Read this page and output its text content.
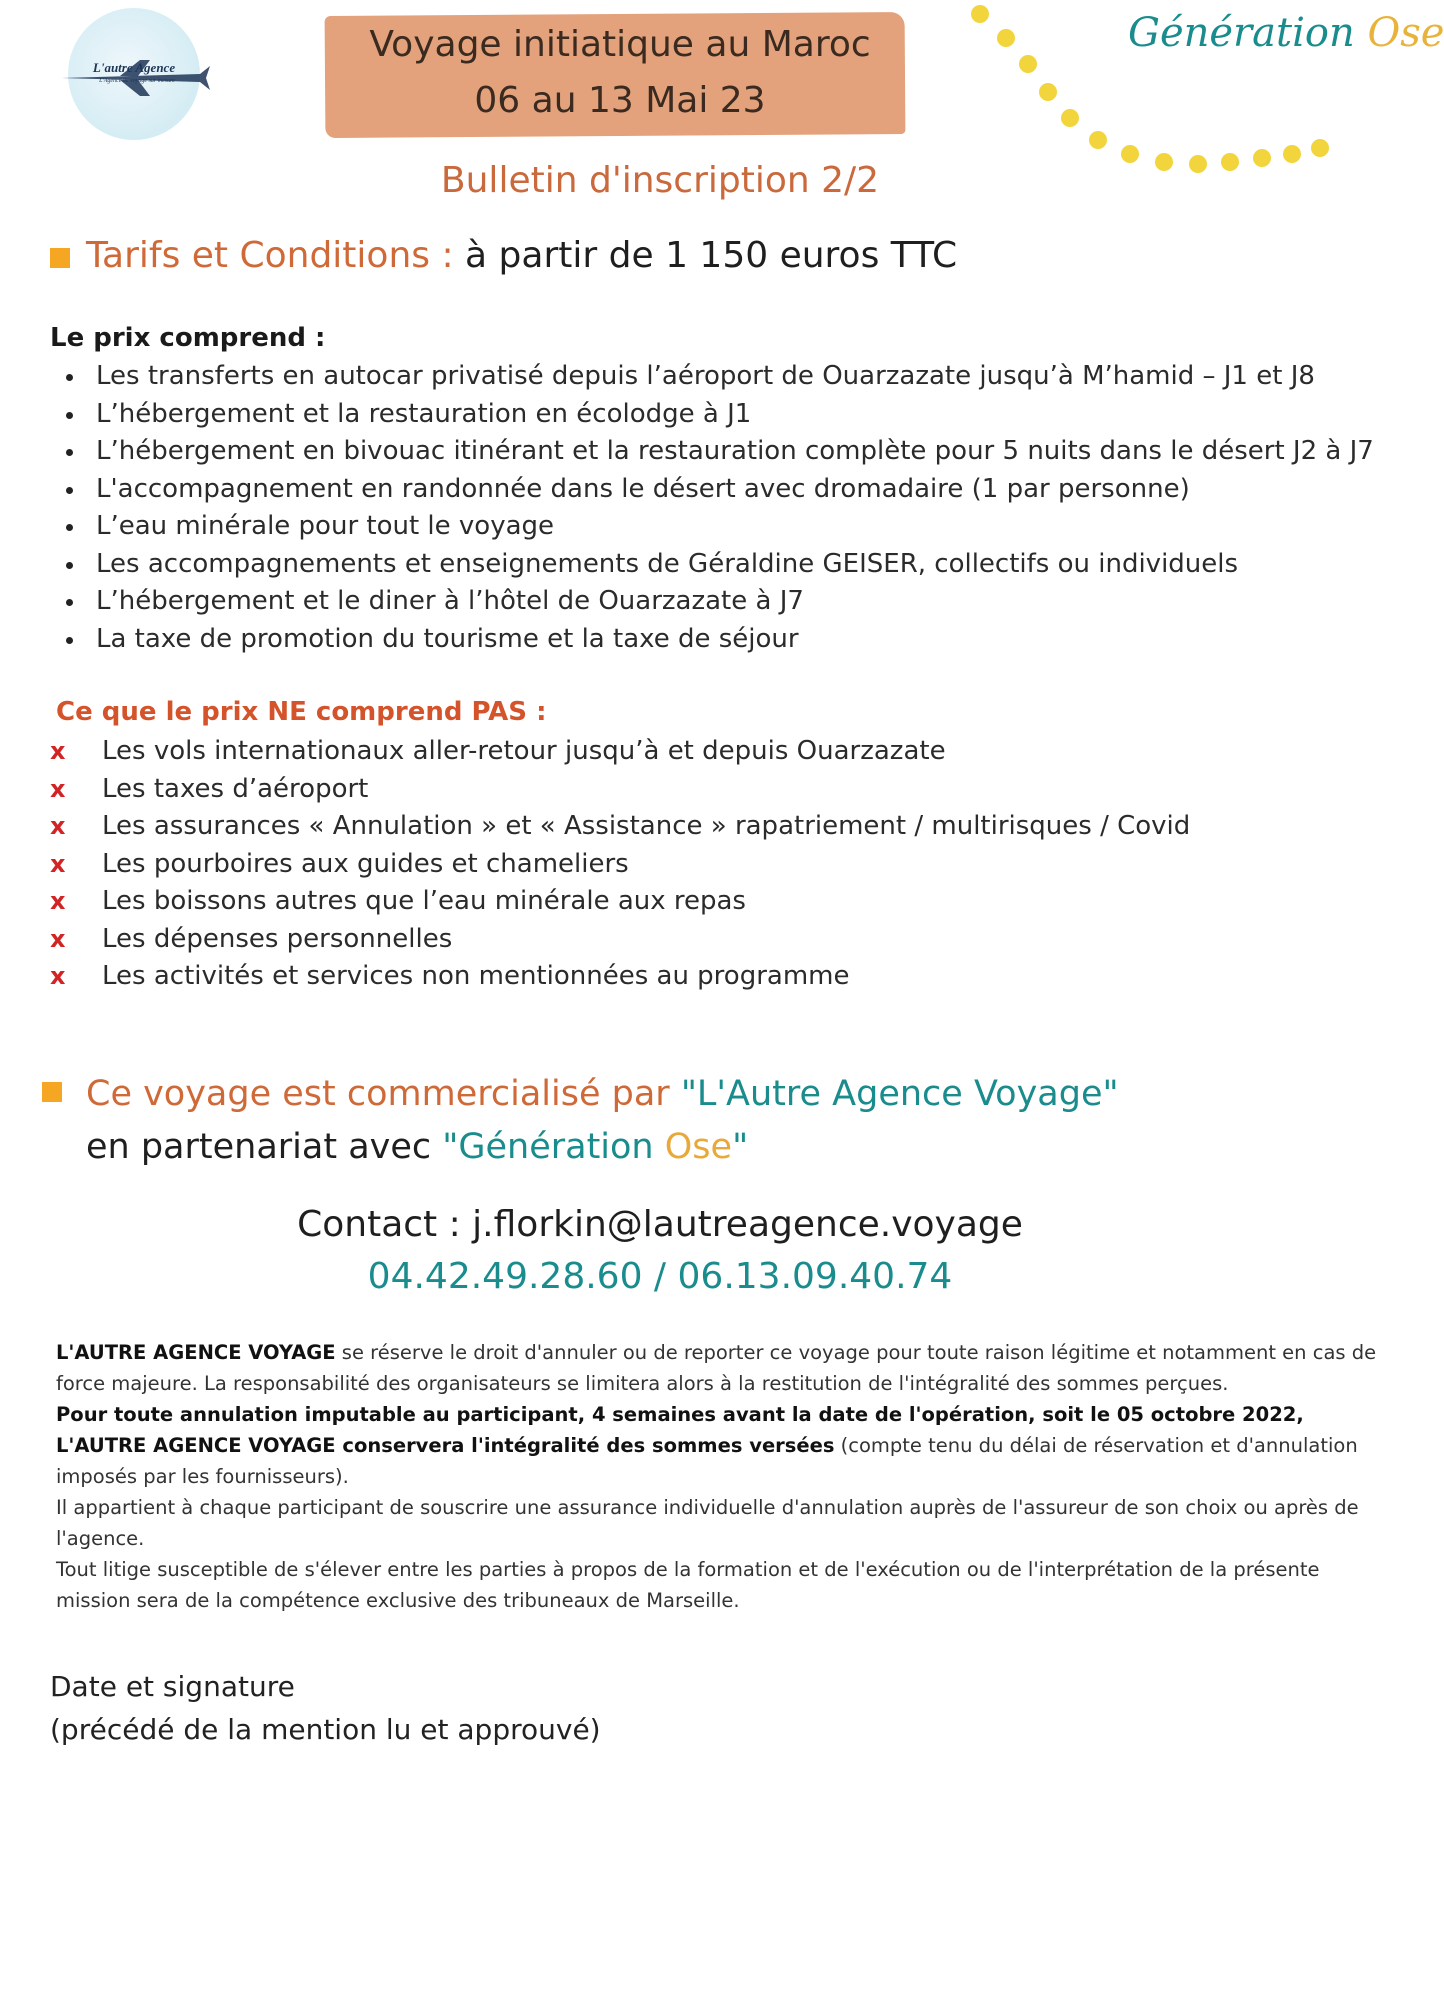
L'autre Agence
L'Agence de voyage sur mesure
Voyage initiatique au Maroc
06 au 13 Mai 23
Génération Ose
Bulletin d'inscription 2/2
Tarifs et Conditions : à partir de 1 150 euros TTC
Le prix comprend :
Les transferts en autocar privatisé depuis l’aéroport de Ouarzazate jusqu’à M’hamid – J1 et J8
L’hébergement et la restauration en écolodge à J1
L’hébergement en bivouac itinérant et la restauration complète pour 5 nuits dans le désert J2 à J7
L'accompagnement en randonnée dans le désert avec dromadaire (1 par personne)
L’eau minérale pour tout le voyage
Les accompagnements et enseignements de Géraldine GEISER, collectifs ou individuels
L’hébergement et le diner à l’hôtel de Ouarzazate à J7
La taxe de promotion du tourisme et la taxe de séjour
Ce que le prix NE comprend PAS :
x Les vols internationaux aller-retour jusqu’à et depuis Ouarzazate
x Les taxes d’aéroport
x Les assurances « Annulation » et « Assistance » rapatriement / multirisques / Covid
x Les pourboires aux guides et chameliers
x Les boissons autres que l’eau minérale aux repas
x Les dépenses personnelles
x Les activités et services non mentionnées au programme
Ce voyage est commercialisé par "L'Autre Agence Voyage"
en partenariat avec "Génération Ose"
Contact : j.florkin@lautreagence.voyage
04.42.49.28.60 / 06.13.09.40.74

L'AUTRE AGENCE VOYAGE se réserve le droit d'annuler ou de reporter ce voyage pour toute raison légitime et notamment en cas de force majeure. La responsabilité des organisateurs se limitera alors à la restitution de l'intégralité des sommes perçues.

Pour toute annulation imputable au participant, 4 semaines avant la date de l'opération, soit le 05 octobre 2022, L'AUTRE AGENCE VOYAGE conservera l'intégralité des sommes versées (compte tenu du délai de réservation et d'annulation imposés par les fournisseurs).

Il appartient à chaque participant de souscrire une assurance individuelle d'annulation auprès de l'assureur de son choix ou après de l'agence.

Tout litige susceptible de s'élever entre les parties à propos de la formation et de l'exécution ou de l'interprétation de la présente mission sera de la compétence exclusive des tribuneaux de Marseille.

Date et signature
(précédé de la mention lu et approuvé)
